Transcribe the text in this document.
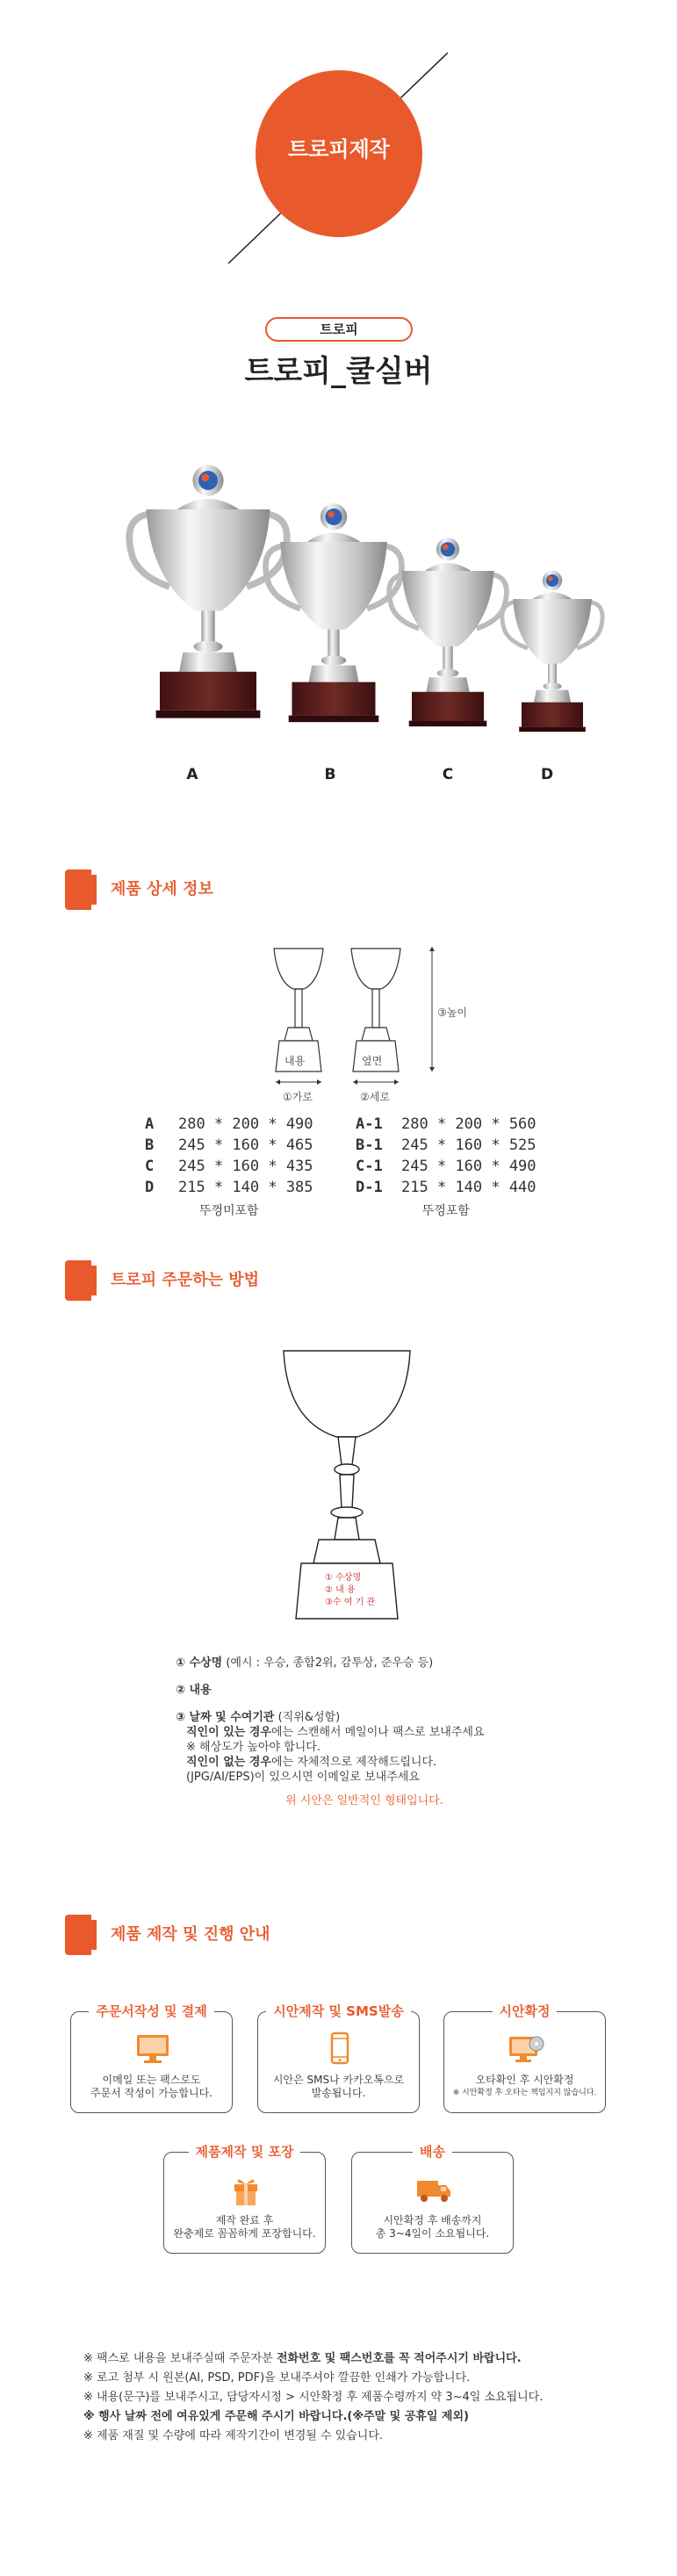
트로피제작
트로피
트로피_쿨실버
A	B	C	D
제품 상세 정보
내용	옆면
①가로	②세로
③높이
A 280 * 200 * 490
B 245 * 160 * 465
C 245 * 160 * 435
D 215 * 140 * 385
뚜껑미포함
A-1 280 * 200 * 560
B-1 245 * 160 * 525
C-1 245 * 160 * 490
D-1 215 * 140 * 440
뚜껑포함
트로피 주문하는 방법
① 수상명
② 내 용
③수 여 기 관
① 수상명 (예시 : 우승, 종합2위, 감투상, 준우승 등)
② 내용
③ 날짜 및 수여기관 (직위&성함)
직인이 있는 경우에는 스캔해서 메일이나 팩스로 보내주세요
※ 해상도가 높아야 합니다.
직인이 없는 경우에는 자체적으로 제작해드립니다.
(JPG/AI/EPS)이 있으시면 이메일로 보내주세요
위 시안은 일반적인 형태입니다.
제품 제작 및 진행 안내
주문서작성 및 결제
이메일 또는 팩스로도
주문서 작성이 가능합니다.
시안제작 및 SMS발송
시안은 SMS나 카카오톡으로
발송됩니다.
시안확정
오타확인 후 시안확정
※ 시안확정 후 오타는 책임지지 않습니다.
제품제작 및 포장
제작 완료 후
완충제로 꼼꼼하게 포장합니다.
배송
시안확정 후 배송까지
총 3~4일이 소요됩니다.
※ 팩스로 내용을 보내주실때 주문자분 전화번호 및 팩스번호를 꼭 적어주시기 바랍니다.
※ 로고 첨부 시 원본(AI, PSD, PDF)을 보내주셔야 깔끔한 인쇄가 가능합니다.
※ 내용(문구)를 보내주시고, 담당자시정 > 시안확정 후 제품수령까지 약 3~4일 소요됩니다.
※ 행사 날짜 전에 여유있게 주문해 주시기 바랍니다.(※주말 및 공휴일 제외)
※ 제품 재질 및 수량에 따라 제작기간이 변경될 수 있습니다.
